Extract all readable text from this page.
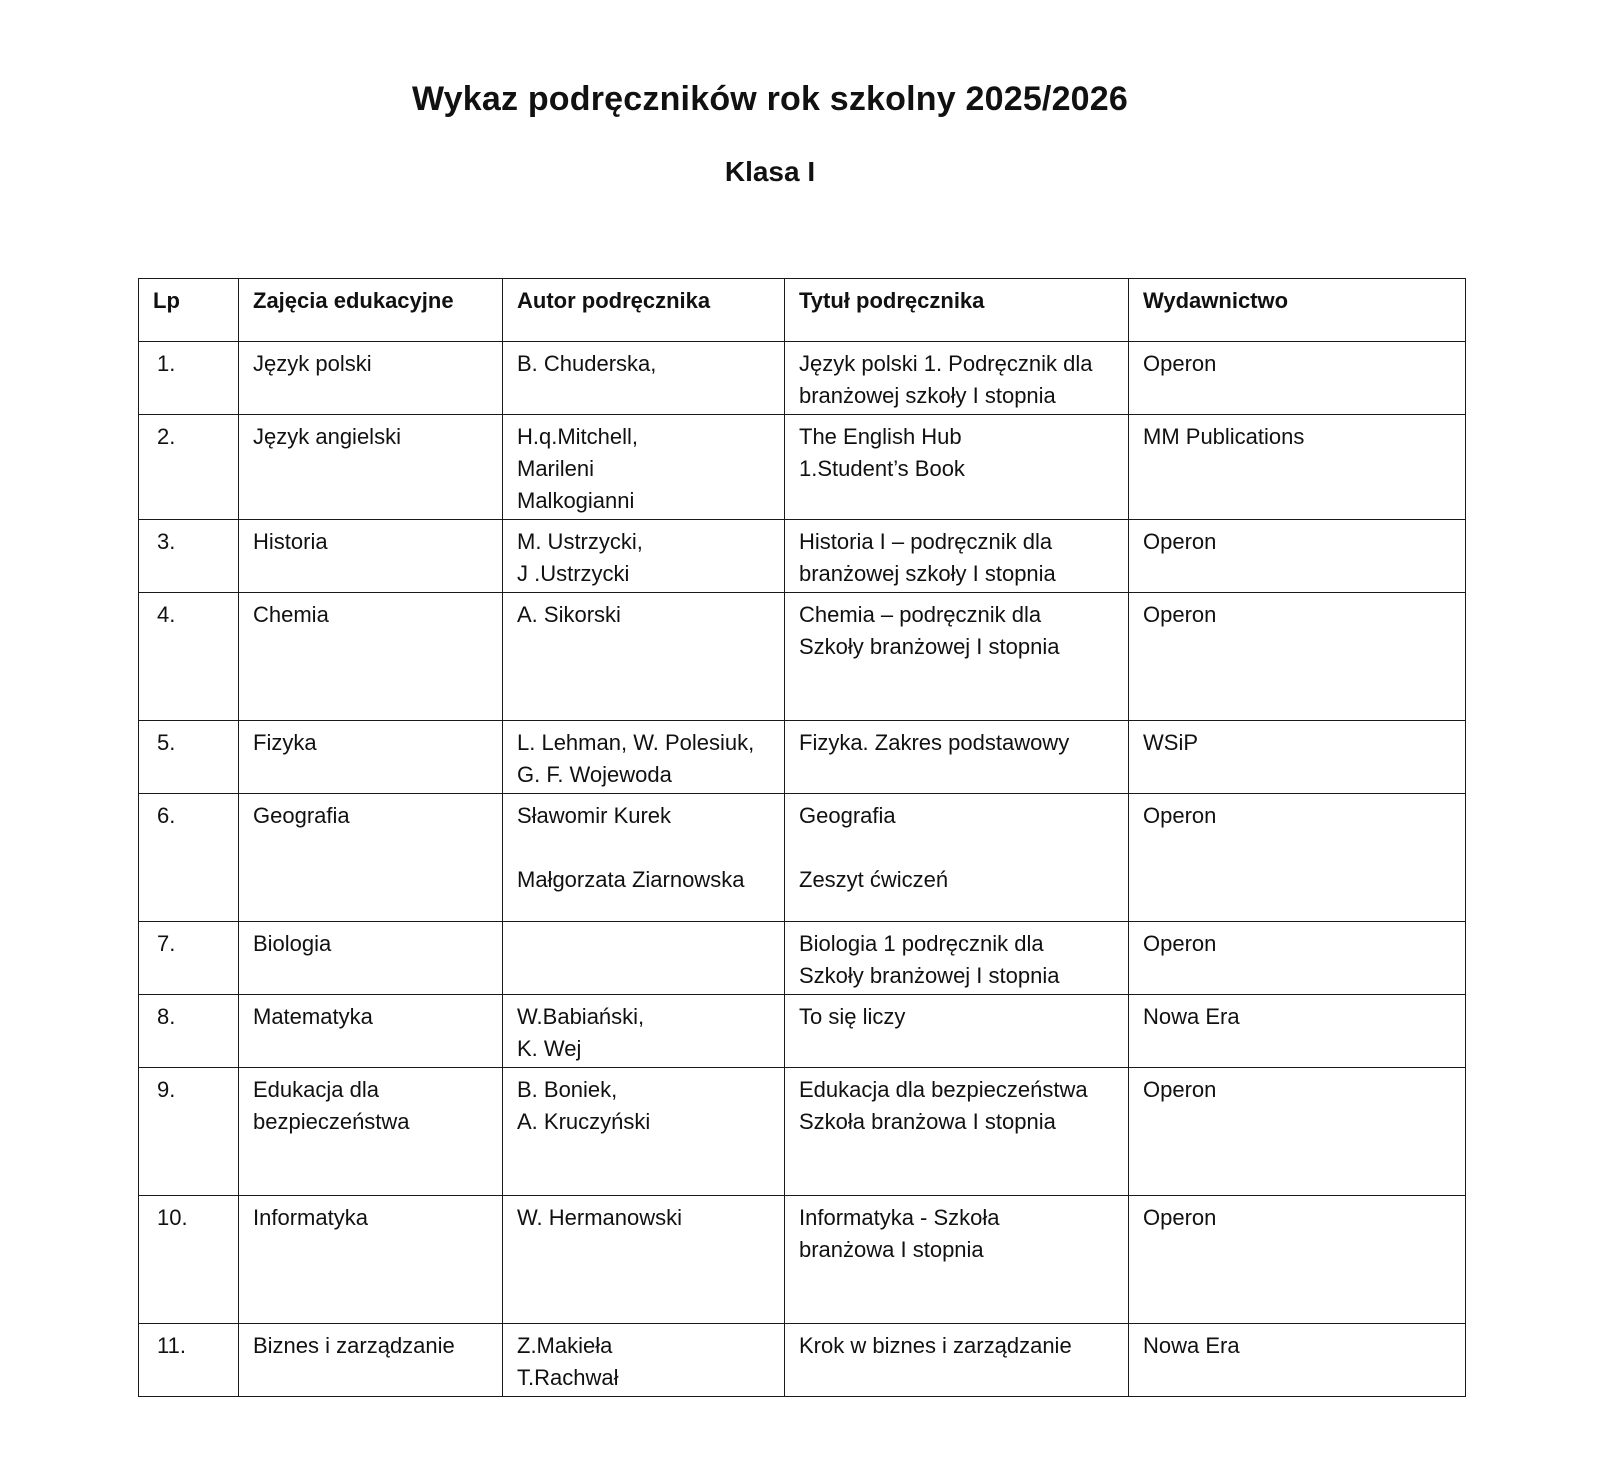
Wykaz podręczników rok szkolny 2025/2026
Klasa I
Lp	Zajęcia edukacyjne	Autor podręcznika	Tytuł podręcznika	Wydawnictwo

1.	Język polski	B. Chuderska,	Język polski 1. Podręcznik dla
branżowej szkoły I stopnia	Operon

2.	Język angielski	H.q.Mitchell,
Marileni
Malkogianni	The English Hub
1.Student’s Book	MM Publications

3.	Historia	M. Ustrzycki,
J .Ustrzycki	Historia I – podręcznik dla
branżowej szkoły I stopnia	Operon

4.	Chemia	A. Sikorski	Chemia – podręcznik dla
Szkoły branżowej I stopnia	Operon

5.	Fizyka	L. Lehman, W. Polesiuk,
G. F. Wojewoda	Fizyka. Zakres podstawowy	WSiP

6.	Geografia	Sławomir Kurek
Małgorzata Ziarnowska	Geografia
Zeszyt ćwiczeń	Operon

7.	Biologia		Biologia 1 podręcznik dla
Szkoły branżowej I stopnia	Operon

8.	Matematyka	W.Babiański,
K. Wej	To się liczy	Nowa Era

9.	Edukacja dla
bezpieczeństwa	B. Boniek,
A. Kruczyński	Edukacja dla bezpieczeństwa
Szkoła branżowa I stopnia	Operon

10.	Informatyka	W. Hermanowski	Informatyka - Szkoła
branżowa I stopnia	Operon

11.	Biznes i zarządzanie	Z.Makieła
T.Rachwał	Krok w biznes i zarządzanie	Nowa Era
